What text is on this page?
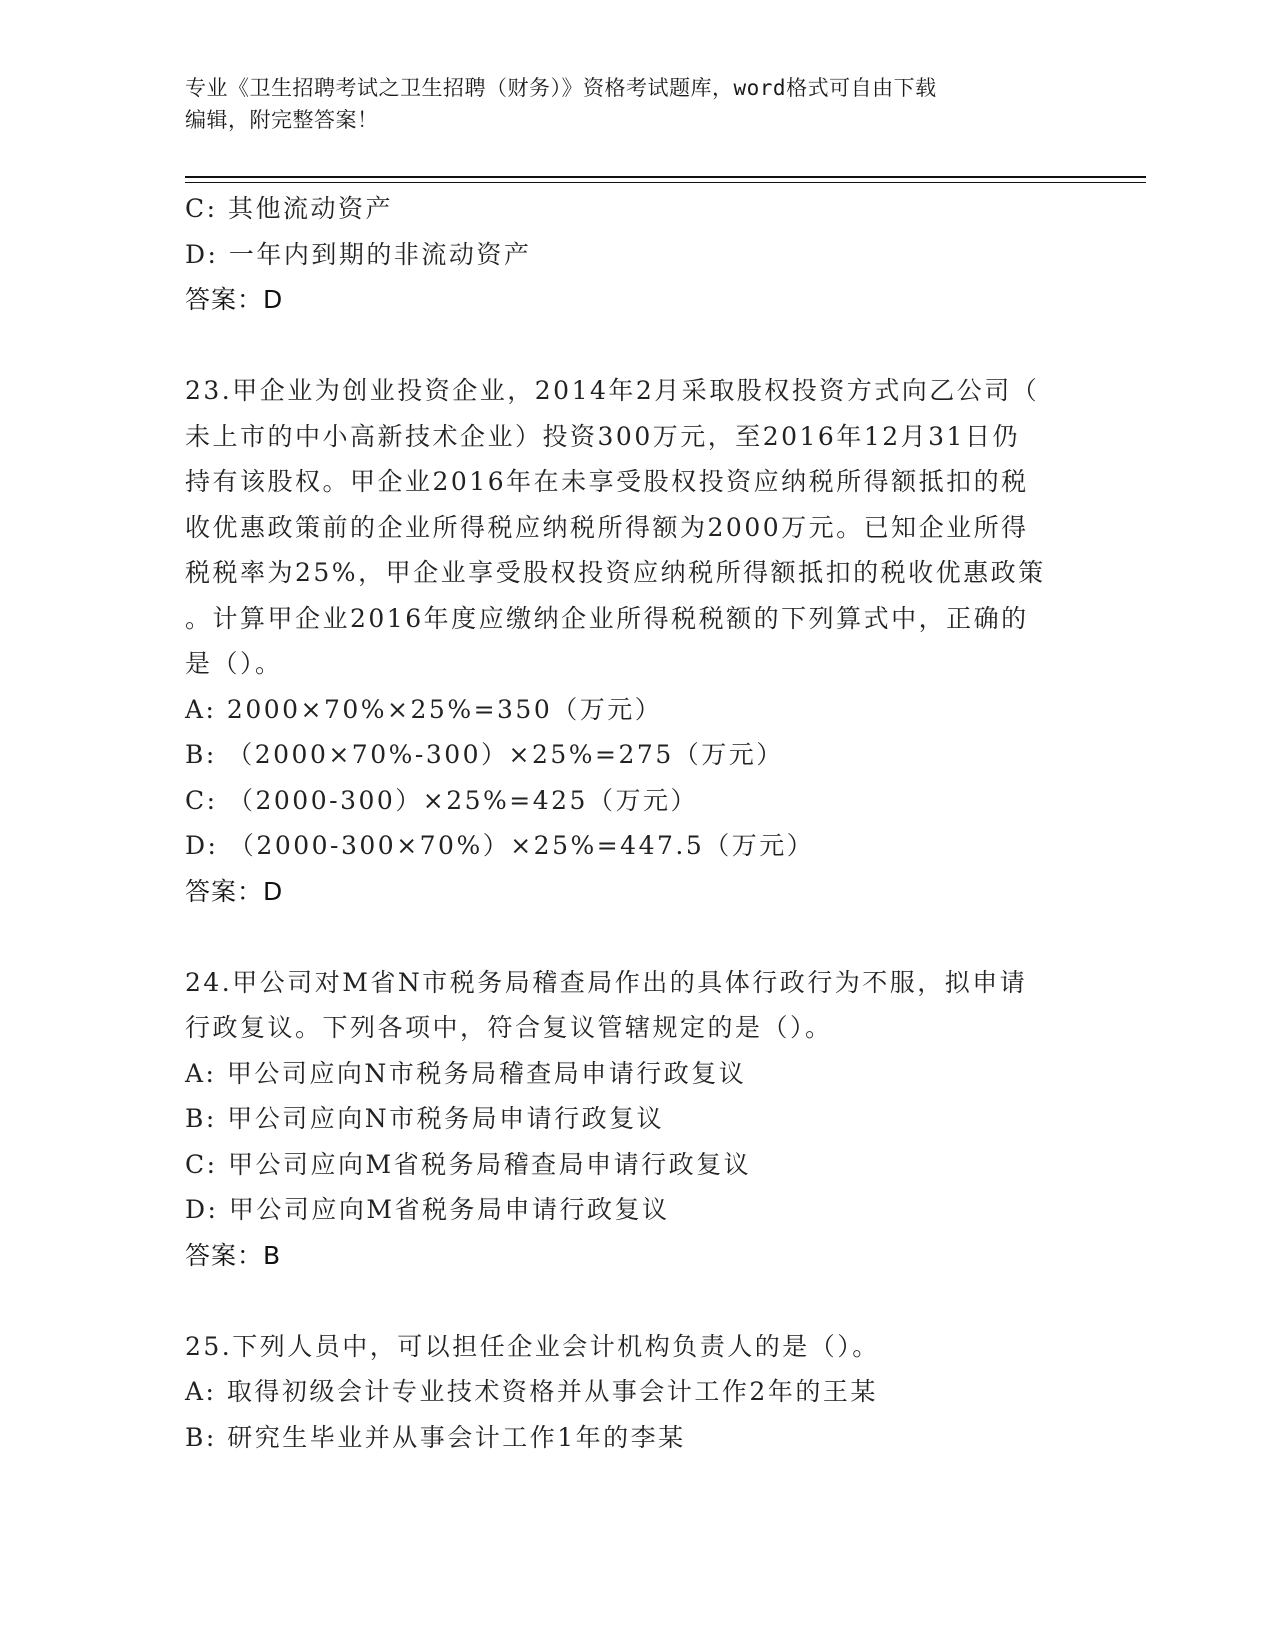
专业《卫生招聘考试之卫生招聘（财务）》资格考试题库，word格式可自由下载
编辑，附完整答案！
C: 其他流动资产
D: 一年内到期的非流动资产
答案：D
23.甲企业为创业投资企业，2014年2月采取股权投资方式向乙公司（
未上市的中小高新技术企业）投资300万元，至2016年12月31日仍
持有该股权。甲企业2016年在未享受股权投资应纳税所得额抵扣的税
收优惠政策前的企业所得税应纳税所得额为2000万元。已知企业所得
税税率为25%，甲企业享受股权投资应纳税所得额抵扣的税收优惠政策
。计算甲企业2016年度应缴纳企业所得税税额的下列算式中，正确的
是（）。
A: 2000×70%×25%=350（万元）
B: （2000×70%-300）×25%=275（万元）
C: （2000-300）×25%=425（万元）
D: （2000-300×70%）×25%=447.5（万元）
答案：D
24.甲公司对M省N市税务局稽查局作出的具体行政行为不服，拟申请
行政复议。下列各项中，符合复议管辖规定的是（）。
A: 甲公司应向N市税务局稽查局申请行政复议
B: 甲公司应向N市税务局申请行政复议
C: 甲公司应向M省税务局稽查局申请行政复议
D: 甲公司应向M省税务局申请行政复议
答案：B
25.下列人员中，可以担任企业会计机构负责人的是（）。
A: 取得初级会计专业技术资格并从事会计工作2年的王某
B: 研究生毕业并从事会计工作1年的李某
